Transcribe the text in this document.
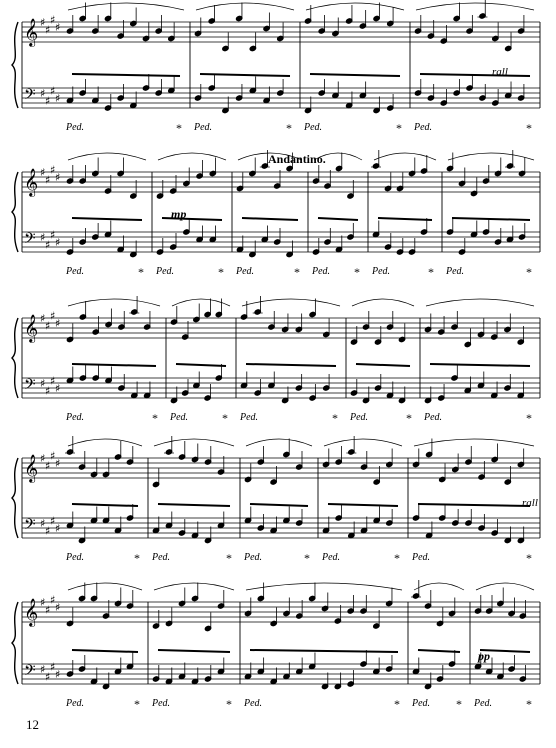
𝄞
𝄢
𝄞
𝄢
𝄞
𝄢
𝄞
𝄢
𝄞
𝄢
♯
♯
♯
♯
♯
♯
♯
♯
♯
♯
♯
♯
♯
♯
♯
♯
♯
♯
♯
♯
♯
♯
♯
♯
♯
♯
♯
♯
♯
♯
♯
♯
♯
♯
♯
♯
♯
♯
♯
♯
Ped.	* Ped.	* Ped.	* Ped.	*
Ped.	* Ped.	* Ped.	* Ped. * Ped.	* Ped.	*
Ped.	* Ped.	* Ped.	* Ped.	* Ped.	*
Ped.	* Ped.	* Ped.	* Ped.	* Ped.	*
Ped.	* Ped.	* Ped.	* Ped. * Ped.	*
Andantino.
mp
pp
rall
rall
12
